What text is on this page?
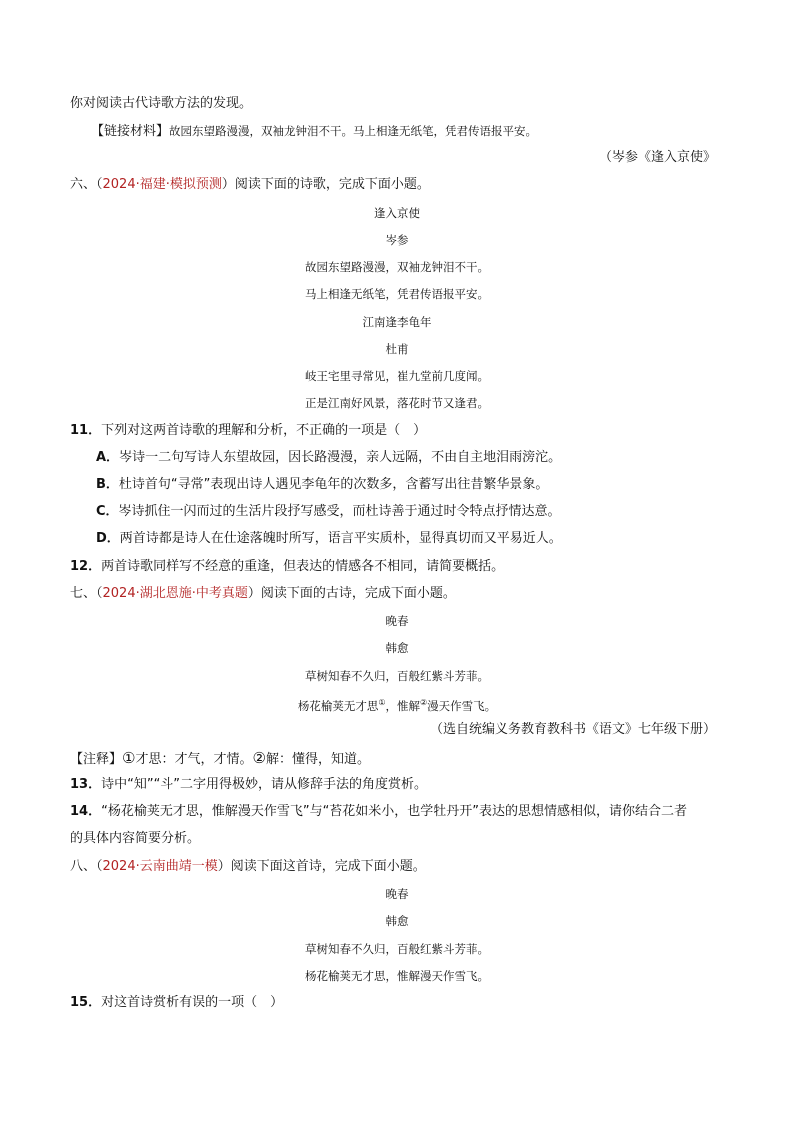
你对阅读古代诗歌方法的发现。
【链接材料】故园东望路漫漫，双袖龙钟泪不干。马上相逢无纸笔，凭君传语报平安。
（岑参《逢入京使》
六、（2024·福建·模拟预测）阅读下面的诗歌，完成下面小题。
逢入京使
岑参
故园东望路漫漫，双袖龙钟泪不干。
马上相逢无纸笔，凭君传语报平安。
江南逢李龟年
杜甫
岐王宅里寻常见，崔九堂前几度闻。
正是江南好风景，落花时节又逢君。
11．下列对这两首诗歌的理解和分析，不正确的一项是（　）
A．岑诗一二句写诗人东望故园，因长路漫漫，亲人远隔，不由自主地泪雨滂沱。
B．杜诗首句“寻常”表现出诗人遇见李龟年的次数多，含蓄写出往昔繁华景象。
C．岑诗抓住一闪而过的生活片段抒写感受，而杜诗善于通过时令特点抒情达意。
D．两首诗都是诗人在仕途落魄时所写，语言平实质朴，显得真切而又平易近人。
12．两首诗歌同样写不经意的重逢，但表达的情感各不相同，请简要概括。
七、（2024·湖北恩施·中考真题）阅读下面的古诗，完成下面小题。
晚春
韩愈
草树知春不久归，百般红紫斗芳菲。
杨花榆荚无才思①，惟解②漫天作雪飞。
（选自统编义务教育教科书《语文》七年级下册）
【注释】①才思：才气，才情。②解：懂得，知道。
13．诗中“知”“斗”二字用得极妙，请从修辞手法的角度赏析。
14．“杨花榆荚无才思，惟解漫天作雪飞”与“苔花如米小，也学牡丹开”表达的思想情感相似，请你结合二者
的具体内容简要分析。
八、（2024·云南曲靖一模）阅读下面这首诗，完成下面小题。
晚春
韩愈
草树知春不久归，百般红紫斗芳菲。
杨花榆荚无才思，惟解漫天作雪飞。
15．对这首诗赏析有误的一项（　）
